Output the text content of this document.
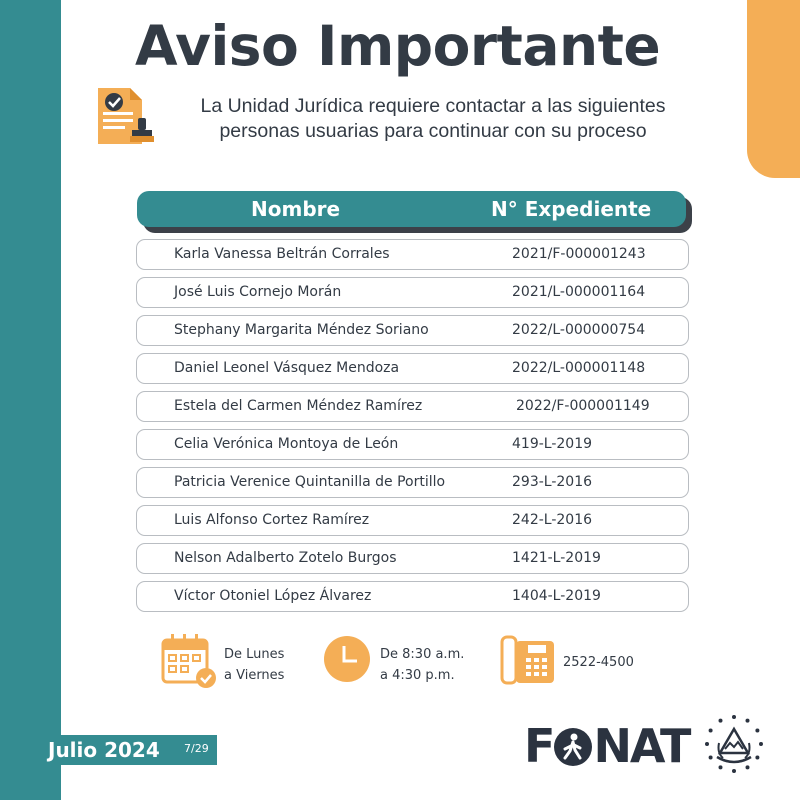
Aviso Importante
La Unidad Jurídica requiere contactar a las siguientes
personas usuarias para continuar con su proceso
Nombre	N° Expediente
Karla Vanessa Beltrán Corrales	2021/F-000001243
José Luis Cornejo Morán	2021/L-000001164
Stephany Margarita Méndez Soriano	2022/L-000000754
Daniel Leonel Vásquez Mendoza	2022/L-000001148
Estela del Carmen Méndez Ramírez	2022/F-000001149
Celia Verónica Montoya de León	419-L-2019
Patricia Verenice Quintanilla de Portillo	293-L-2016
Luis Alfonso Cortez Ramírez	242-L-2016
Nelson Adalberto Zotelo Burgos	1421-L-2019
Víctor Otoniel López Álvarez	1404-L-2019
De Lunes
a Viernes
De 8:30 a.m.
a 4:30 p.m.
2522-4500
Julio 2024 7/29	F NAT
